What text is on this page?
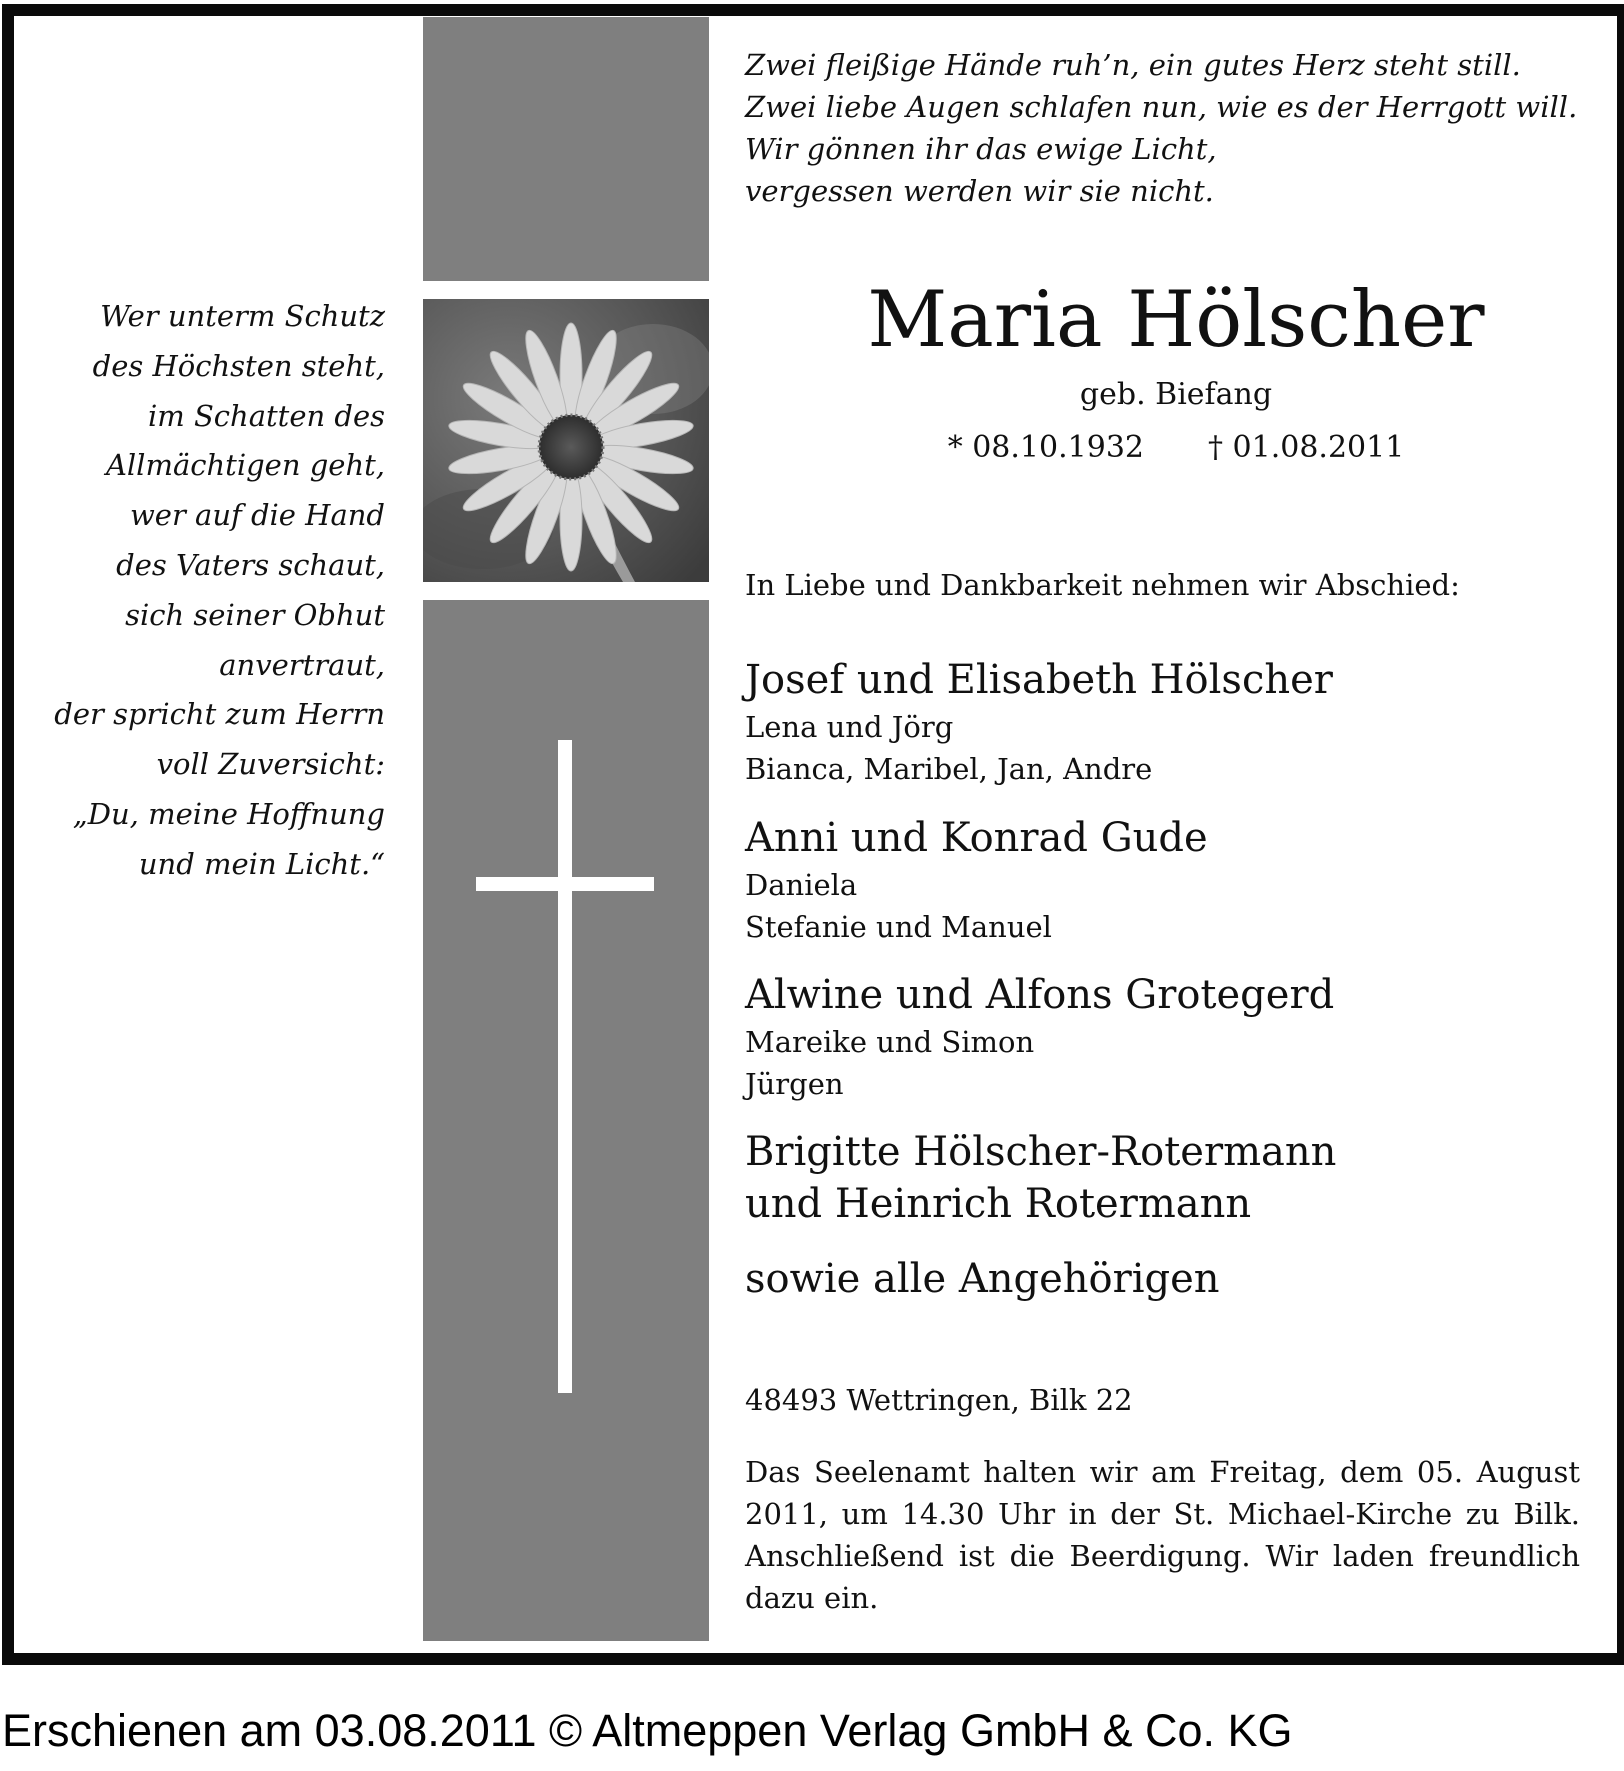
Zwei fleißige Hände ruh’n, ein gutes Herz steht still.
Zwei liebe Augen schlafen nun, wie es der Herrgott will.
Wir gönnen ihr das ewige Licht,
vergessen werden wir sie nicht.
Wer unterm Schutz
des Höchsten steht,
im Schatten des
Allmächtigen geht,
wer auf die Hand
des Vaters schaut,
sich seiner Obhut
anvertraut,
der spricht zum Herrn
voll Zuversicht:
„Du, meine Hoffnung
und mein Licht.“
Maria Hölscher
geb. Biefang
* 08.10.1932 † 01.08.2011
In Liebe und Dankbarkeit nehmen wir Abschied:
Josef und Elisabeth Hölscher
Lena und Jörg
Bianca, Maribel, Jan, Andre
Anni und Konrad Gude
Daniela
Stefanie und Manuel
Alwine und Alfons Grotegerd
Mareike und Simon
Jürgen
Brigitte Hölscher-Rotermann
und Heinrich Rotermann
sowie alle Angehörigen
48493 Wettringen, Bilk 22

Das Seelenamt halten wir am Freitag, dem 05. August 2011, um 14.30 Uhr in der St. Michael-Kirche zu Bilk. Anschließend ist die Beerdigung. Wir laden freundlich dazu ein.

Erschienen am 03.08.2011 © Altmeppen Verlag GmbH & Co. KG
